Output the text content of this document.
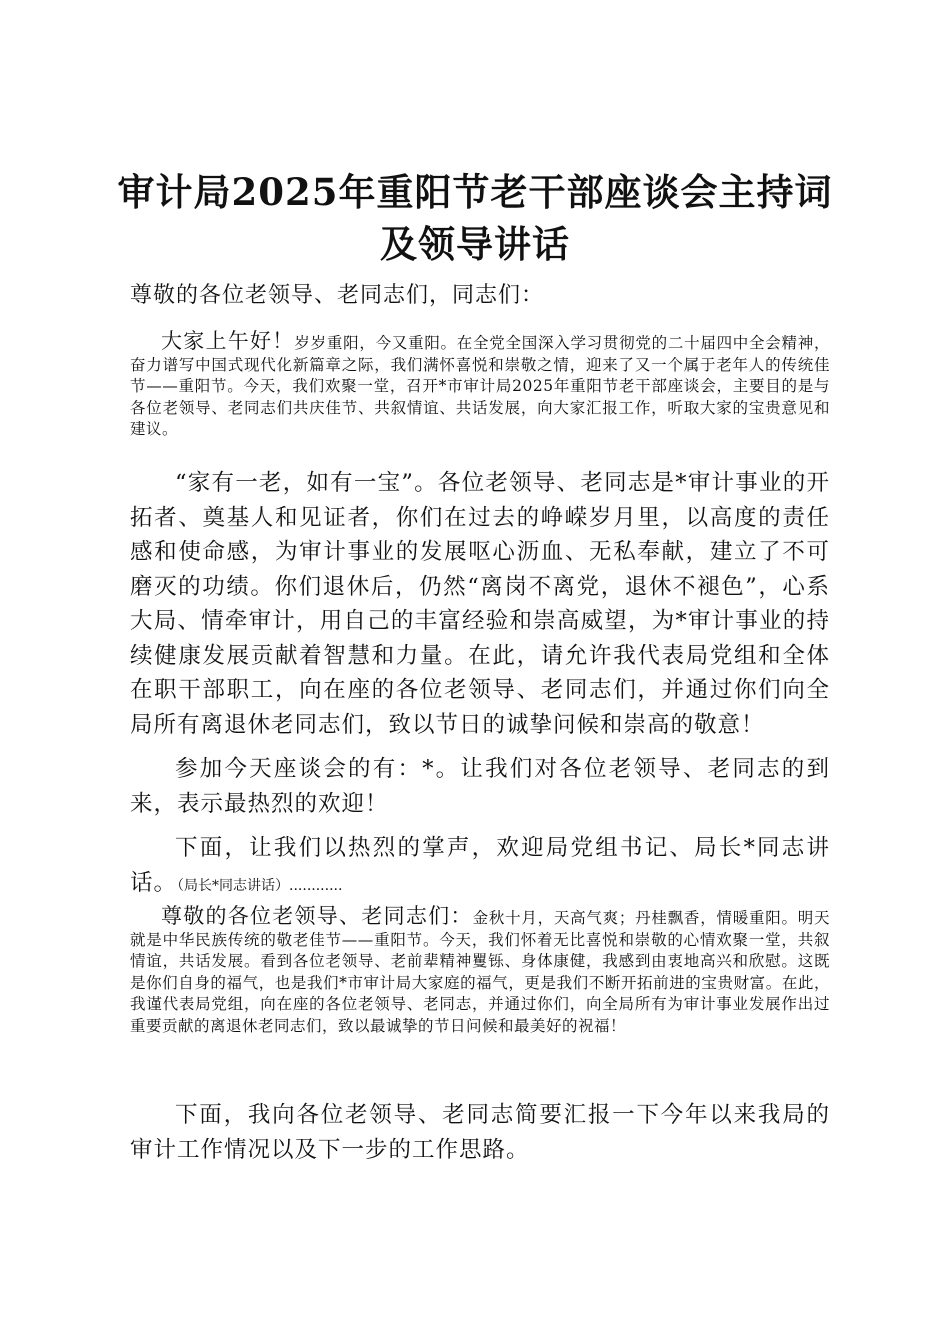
审计局2025年重阳节老干部座谈会主持词及领导讲话
尊敬的各位老领导、老同志们，同志们：

大家上午好！岁岁重阳，今又重阳。在全党全国深入学习贯彻党的二十届四中全会精神，奋力谱写中国式现代化新篇章之际，我们满怀喜悦和崇敬之情，迎来了又一个属于老年人的传统佳节——重阳节。今天，我们欢聚一堂，召开*市审计局2025年重阳节老干部座谈会，主要目的是与各位老领导、老同志们共庆佳节、共叙情谊、共话发展，向大家汇报工作，听取大家的宝贵意见和建议。

“家有一老，如有一宝”。各位老领导、老同志是*审计事业的开拓者、奠基人和见证者，你们在过去的峥嵘岁月里，以高度的责任感和使命感，为审计事业的发展呕心沥血、无私奉献，建立了不可磨灭的功绩。你们退休后，仍然“离岗不离党，退休不褪色”，心系大局、情牵审计，用自己的丰富经验和崇高威望，为*审计事业的持续健康发展贡献着智慧和力量。在此，请允许我代表局党组和全体在职干部职工，向在座的各位老领导、老同志们，并通过你们向全局所有离退休老同志们，致以节日的诚挚问候和崇高的敬意！

参加今天座谈会的有：*。让我们对各位老领导、老同志的到来，表示最热烈的欢迎！

下面，让我们以热烈的掌声，欢迎局党组书记、局长*同志讲话。（局长*同志讲话）............

尊敬的各位老领导、老同志们：金秋十月，天高气爽；丹桂飘香，情暖重阳。明天就是中华民族传统的敬老佳节——重阳节。今天，我们怀着无比喜悦和崇敬的心情欢聚一堂，共叙情谊，共话发展。看到各位老领导、老前辈精神矍铄、身体康健，我感到由衷地高兴和欣慰。这既是你们自身的福气，也是我们*市审计局大家庭的福气，更是我们不断开拓前进的宝贵财富。在此，我谨代表局党组，向在座的各位老领导、老同志，并通过你们，向全局所有为审计事业发展作出过重要贡献的离退休老同志们，致以最诚挚的节日问候和最美好的祝福！

下面，我向各位老领导、老同志简要汇报一下今年以来我局的审计工作情况以及下一步的工作思路。
